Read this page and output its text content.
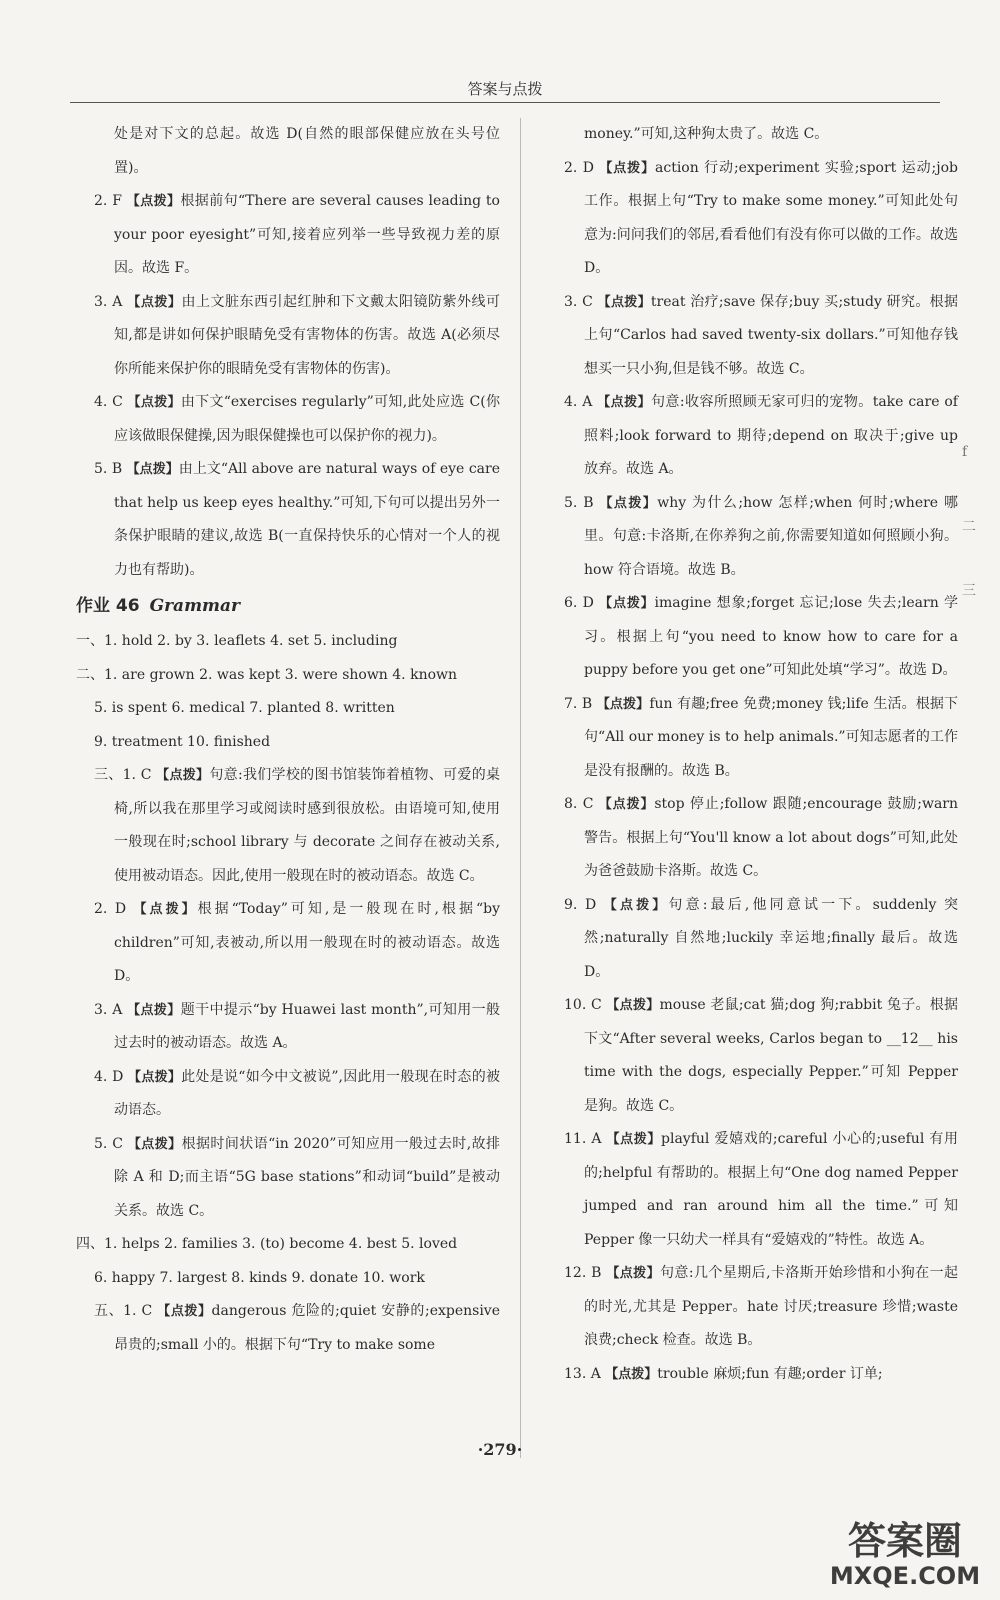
答案与点拨

处是对下文的总起。故选 D(自然的眼部保健应放在头号位置)。

2. F 【点拨】根据前句“There are several causes leading to your poor eyesight”可知,接着应列举一些导致视力差的原因。故选 F。

3. A 【点拨】由上文脏东西引起红肿和下文戴太阳镜防紫外线可知,都是讲如何保护眼睛免受有害物体的伤害。故选 A(必须尽你所能来保护你的眼睛免受有害物体的伤害)。

4. C 【点拨】由下文“exercises regularly”可知,此处应选 C(你应该做眼保健操,因为眼保健操也可以保护你的视力)。

5. B 【点拨】由上文“All above are natural ways of eye care that help us keep eyes healthy.”可知,下句可以提出另外一条保护眼睛的建议,故选 B(一直保持快乐的心情对一个人的视力也有帮助)。

作业 46 Grammar

一、1. hold 2. by 3. leaflets 4. set 5. including

二、1. are grown 2. was kept 3. were shown 4. known

5. is spent 6. medical 7. planted 8. written

9. treatment 10. finished

三、1. C 【点拨】句意:我们学校的图书馆装饰着植物、可爱的桌椅,所以我在那里学习或阅读时感到很放松。由语境可知,使用一般现在时;school library 与 decorate 之间存在被动关系,使用被动语态。因此,使用一般现在时的被动语态。故选 C。

2. D 【点拨】根据“Today”可知,是一般现在时,根据“by children”可知,表被动,所以用一般现在时的被动语态。故选 D。

3. A 【点拨】题干中提示“by Huawei last month”,可知用一般过去时的被动语态。故选 A。

4. D 【点拨】此处是说“如今中文被说”,因此用一般现在时态的被动语态。

5. C 【点拨】根据时间状语“in 2020”可知应用一般过去时,故排除 A 和 D;而主语“5G base stations”和动词“build”是被动关系。故选 C。

四、1. helps 2. families 3. (to) become 4. best 5. loved

6. happy 7. largest 8. kinds 9. donate 10. work

五、1. C 【点拨】dangerous 危险的;quiet 安静的;expensive 昂贵的;small 小的。根据下句“Try to make some

money.”可知,这种狗太贵了。故选 C。

2. D 【点拨】action 行动;experiment 实验;sport 运动;job 工作。根据上句“Try to make some money.”可知此处句意为:问问我们的邻居,看看他们有没有你可以做的工作。故选 D。

3. C 【点拨】treat 治疗;save 保存;buy 买;study 研究。根据上句“Carlos had saved twenty-six dollars.”可知他存钱想买一只小狗,但是钱不够。故选 C。

4. A 【点拨】句意:收容所照顾无家可归的宠物。take care of 照料;look forward to 期待;depend on 取决于;give up 放弃。故选 A。

5. B 【点拨】why 为什么;how 怎样;when 何时;where 哪里。句意:卡洛斯,在你养狗之前,你需要知道如何照顾小狗。how 符合语境。故选 B。

6. D 【点拨】imagine 想象;forget 忘记;lose 失去;learn 学习。根据上句“you need to know how to care for a puppy before you get one”可知此处填“学习”。故选 D。

7. B 【点拨】fun 有趣;free 免费;money 钱;life 生活。根据下句“All our money is to help animals.”可知志愿者的工作是没有报酬的。故选 B。

8. C 【点拨】stop 停止;follow 跟随;encourage 鼓励;warn 警告。根据上句“You'll know a lot about dogs”可知,此处为爸爸鼓励卡洛斯。故选 C。

9. D 【点拨】句意:最后,他同意试一下。suddenly 突然;naturally 自然地;luckily 幸运地;finally 最后。故选 D。

10. C 【点拨】mouse 老鼠;cat 猫;dog 狗;rabbit 兔子。根据下文“After several weeks, Carlos began to __12__ his time with the dogs, especially Pepper.”可知 Pepper 是狗。故选 C。

11. A 【点拨】playful 爱嬉戏的;careful 小心的;useful 有用的;helpful 有帮助的。根据上句“One dog named Pepper jumped and ran around him all the time.”可知 Pepper 像一只幼犬一样具有“爱嬉戏的”特性。故选 A。

12. B 【点拨】句意:几个星期后,卡洛斯开始珍惜和小狗在一起的时光,尤其是 Pepper。hate 讨厌;treasure 珍惜;waste 浪费;check 检查。故选 B。

13. A 【点拨】trouble 麻烦;fun 有趣;order 订单;

f
二
三
·279·
答案圈
MXQE.COM
